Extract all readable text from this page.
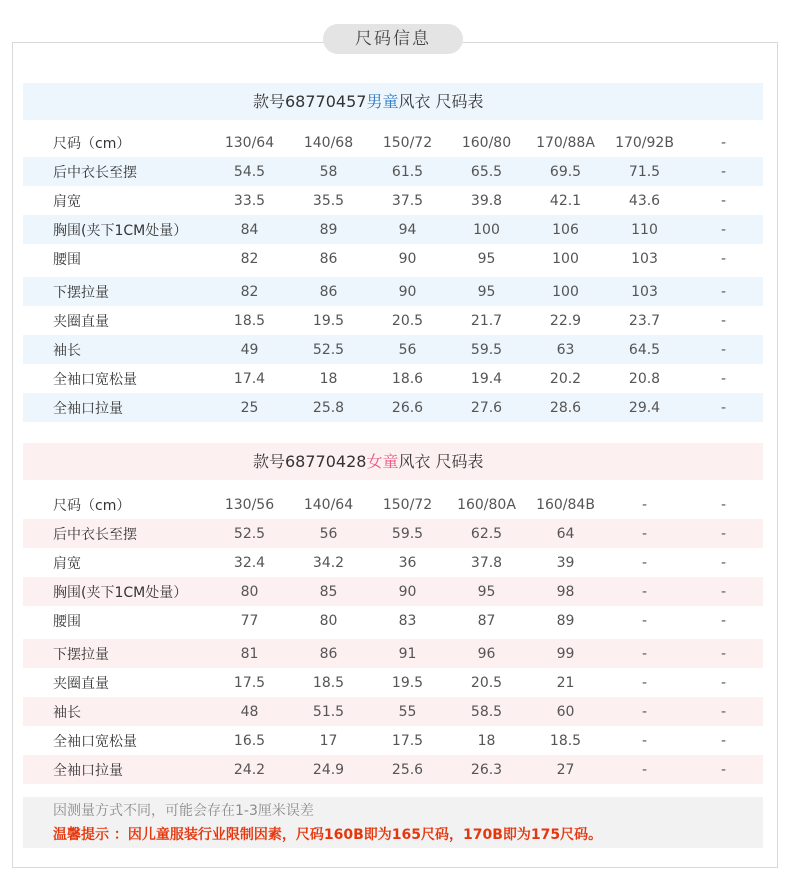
尺码信息
款号68770457男童风衣 尺码表
尺码（cm）	130/64	140/68	150/72	160/80	170/88A	170/92B	-
后中衣长至摆	54.5	58	61.5	65.5	69.5	71.5	-
肩宽	33.5	35.5	37.5	39.8	42.1	43.6	-
胸围(夹下1CM处量）	84	89	94	100	106	110	-
腰围	82	86	90	95	100	103	-
下摆拉量	82	86	90	95	100	103	-
夹圈直量	18.5	19.5	20.5	21.7	22.9	23.7	-
袖长	49	52.5	56	59.5	63	64.5	-
全袖口宽松量	17.4	18	18.6	19.4	20.2	20.8	-
全袖口拉量	25	25.8	26.6	27.6	28.6	29.4	-
款号68770428女童风衣 尺码表
尺码（cm）	130/56	140/64	150/72	160/80A	160/84B	-	-
后中衣长至摆	52.5	56	59.5	62.5	64	-	-
肩宽	32.4	34.2	36	37.8	39	-	-
胸围(夹下1CM处量）	80	85	90	95	98	-	-
腰围	77	80	83	87	89	-	-
下摆拉量	81	86	91	96	99	-	-
夹圈直量	17.5	18.5	19.5	20.5	21	-	-
袖长	48	51.5	55	58.5	60	-	-
全袖口宽松量	16.5	17	17.5	18	18.5	-	-
全袖口拉量	24.2	24.9	25.6	26.3	27	-	-
因测量方式不同，可能会存在1-3厘米误差
温馨提示 ：因儿童服装行业限制因素，尺码160B即为165尺码，170B即为175尺码。
